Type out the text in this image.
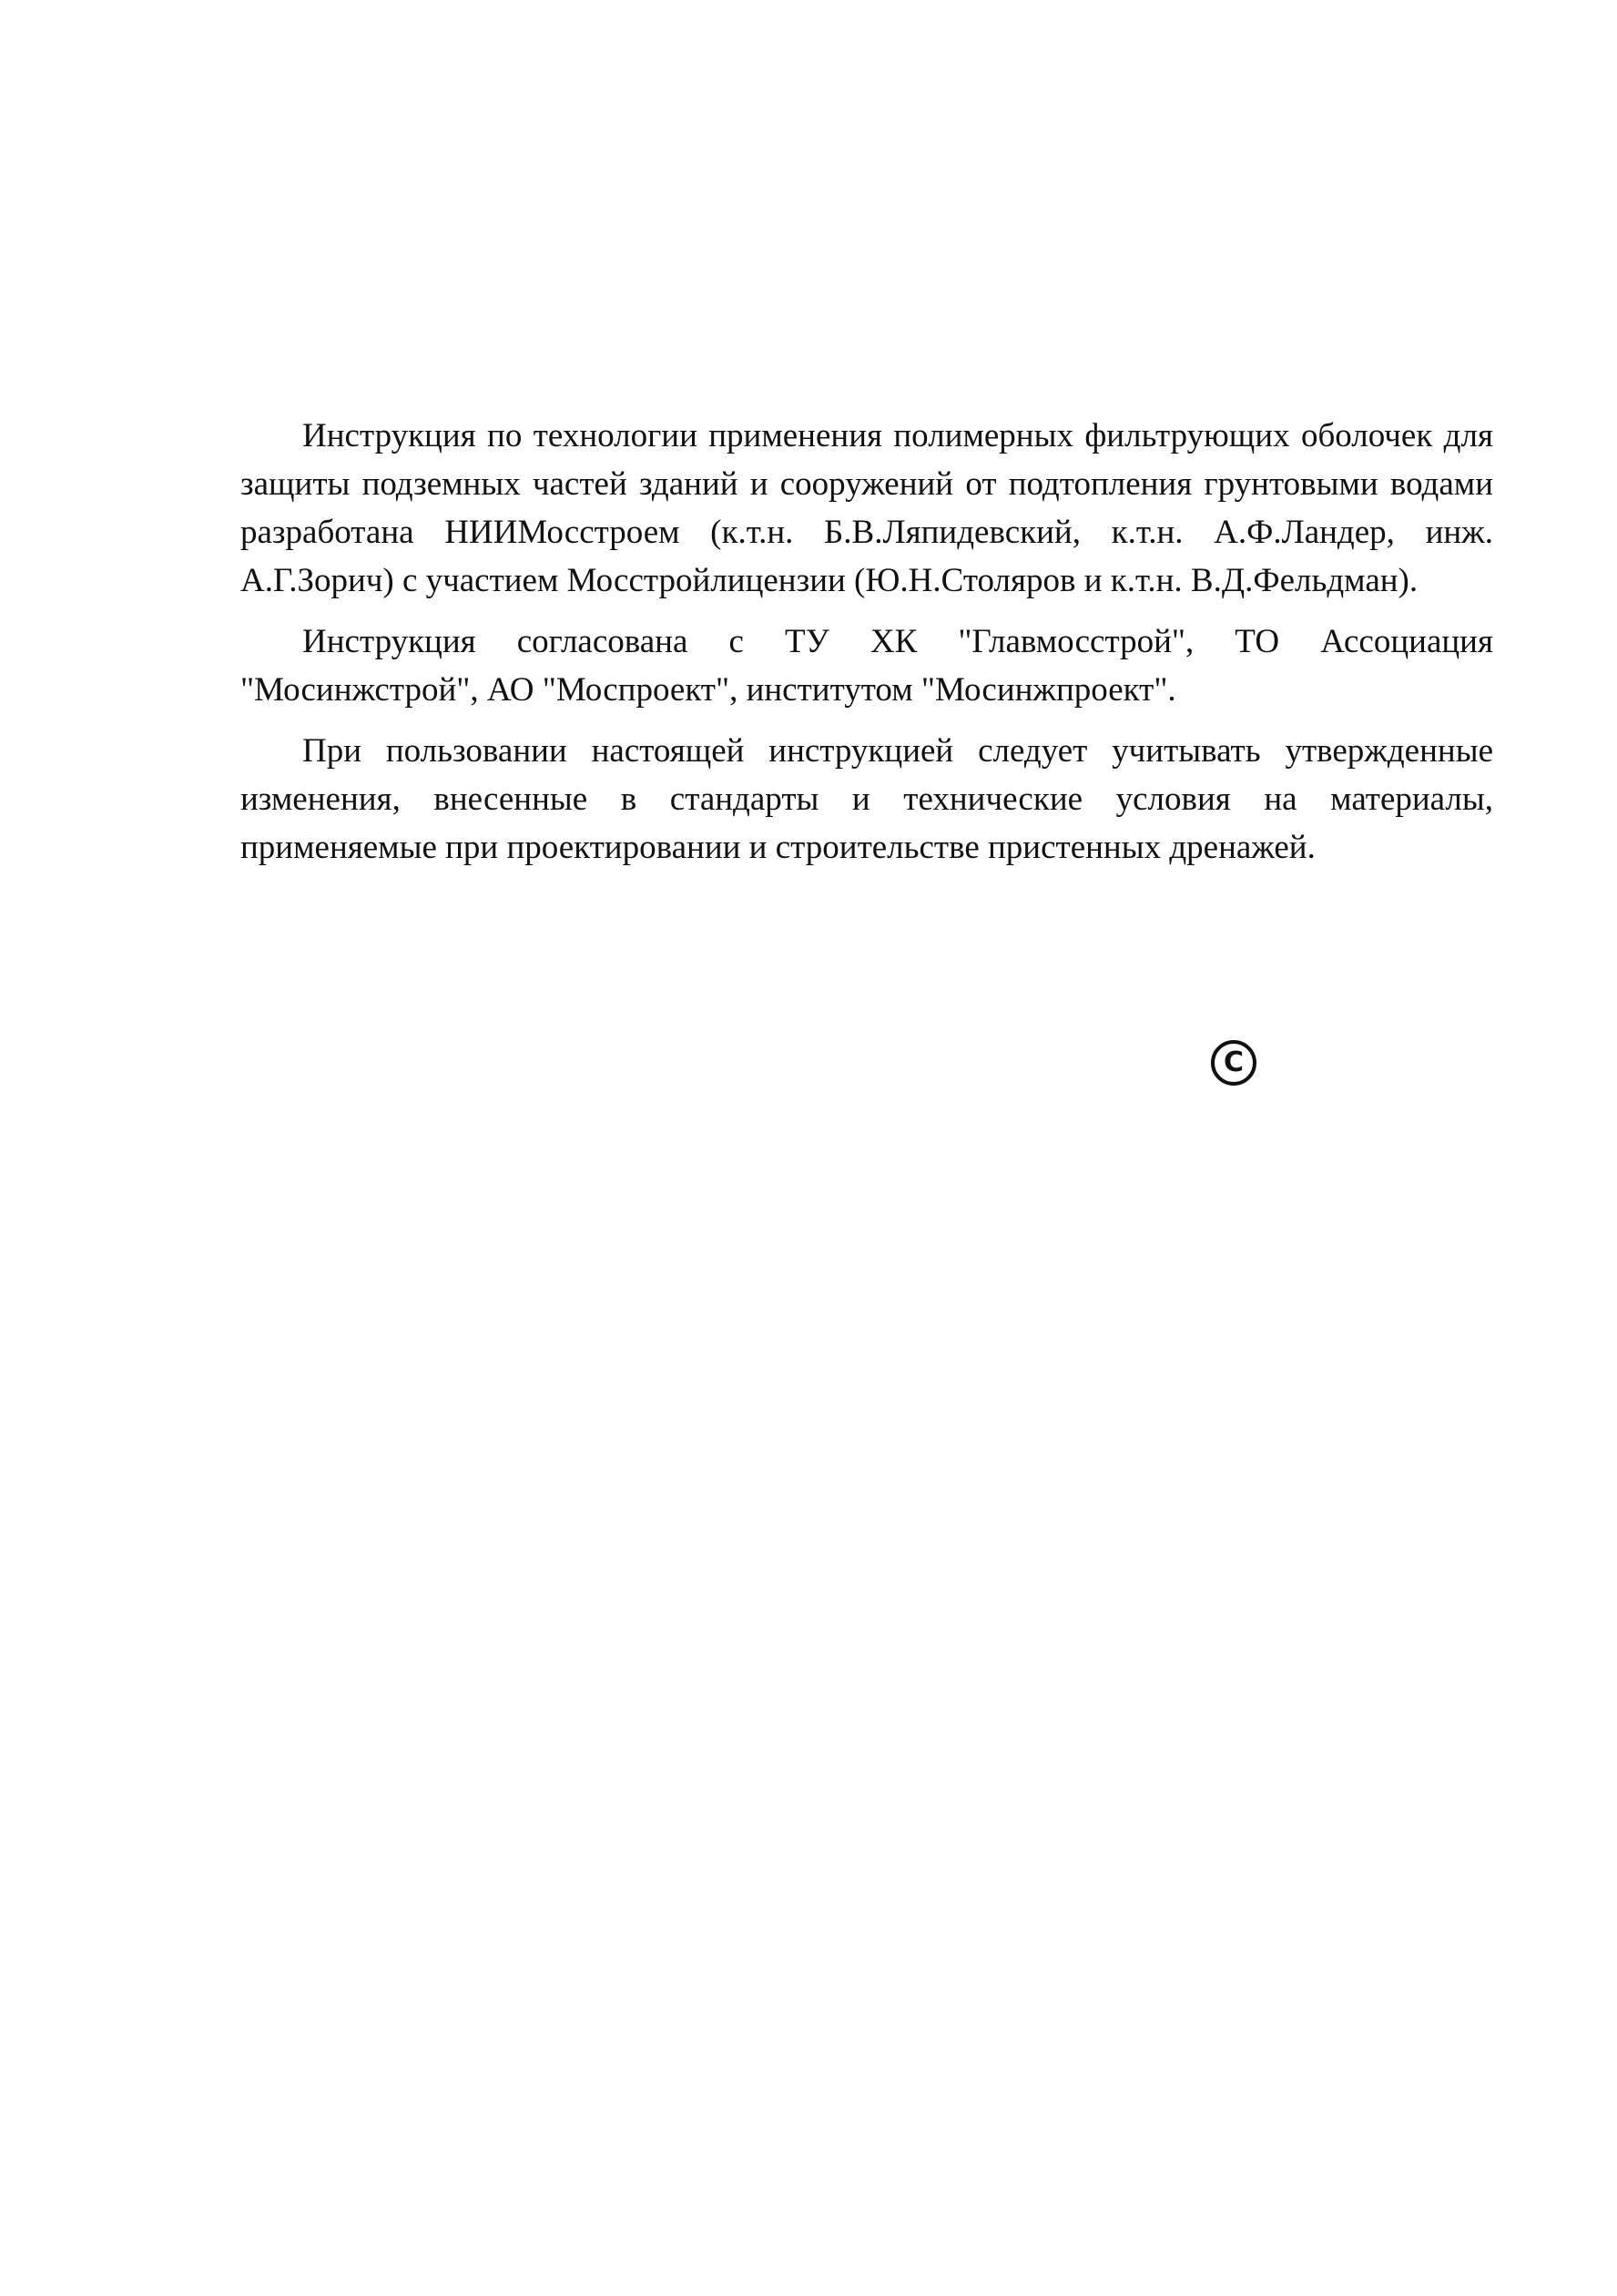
Инструкция по технологии применения полимерных фильтрующих оболочек для защиты подземных частей зданий и сооружений от подтопления грунтовыми водами разработана НИИМосстроем (к.т.н. Б.В.Ляпидевский, к.т.н. А.Ф.Ландер, инж. А.Г.Зорич) с участием Мосстройлицензии (Ю.Н.Столяров и к.т.н. В.Д.Фельдман).

Инструкция согласована с ТУ ХК "Главмосстрой", ТО Ассоциация "Мосинжстрой", АО "Моспроект", институтом "Мосинжпроект".

При пользовании настоящей инструкцией следует учитывать утвержденные изменения, внесенные в стандарты и технические условия на материалы, применяемые при проектировании и строительстве пристенных дренажей.

C
